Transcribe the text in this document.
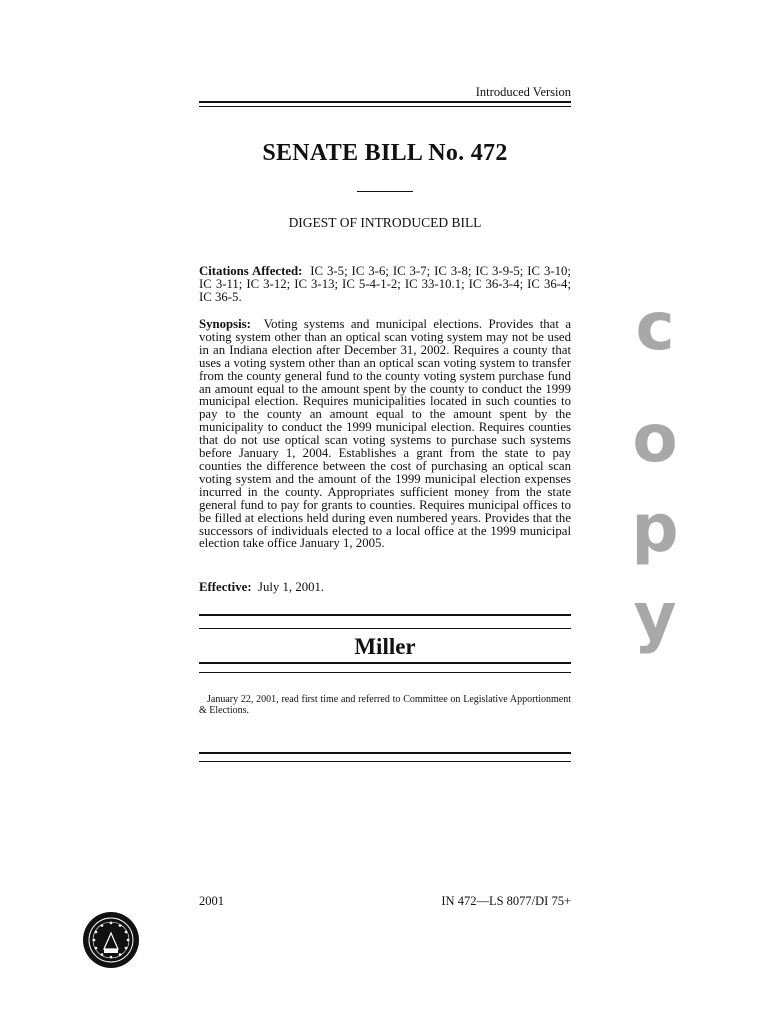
Introduced Version
SENATE BILL No. 472
DIGEST OF INTRODUCED BILL
Citations Affected: IC 3-5; IC 3-6; IC 3-7; IC 3-8; IC 3-9-5; IC 3-10; IC 3-11; IC 3-12; IC 3-13; IC 5-4-1-2; IC 33-10.1; IC 36-3-4; IC 36-4; IC 36-5.
Synopsis: Voting systems and municipal elections. Provides that a voting system other than an optical scan voting system may not be used in an Indiana election after December 31, 2002. Requires a county that uses a voting system other than an optical scan voting system to transfer from the county general fund to the county voting system purchase fund an amount equal to the amount spent by the county to conduct the 1999 municipal election. Requires municipalities located in such counties to pay to the county an amount equal to the amount spent by the municipality to conduct the 1999 municipal election. Requires counties that do not use optical scan voting systems to purchase such systems before January 1, 2004. Establishes a grant from the state to pay counties the difference between the cost of purchasing an optical scan voting system and the amount of the 1999 municipal election expenses incurred in the county. Appropriates sufficient money from the state general fund to pay for grants to counties. Requires municipal offices to be filled at elections held during even numbered years. Provides that the successors of individuals elected to a local office at the 1999 municipal election take office January 1, 2005.
Effective: July 1, 2001.
Miller
January 22, 2001, read first time and referred to Committee on Legislative Apportionment & Elections.
2001	IN 472—LS 8077/DI 75+
c
o
p
y
